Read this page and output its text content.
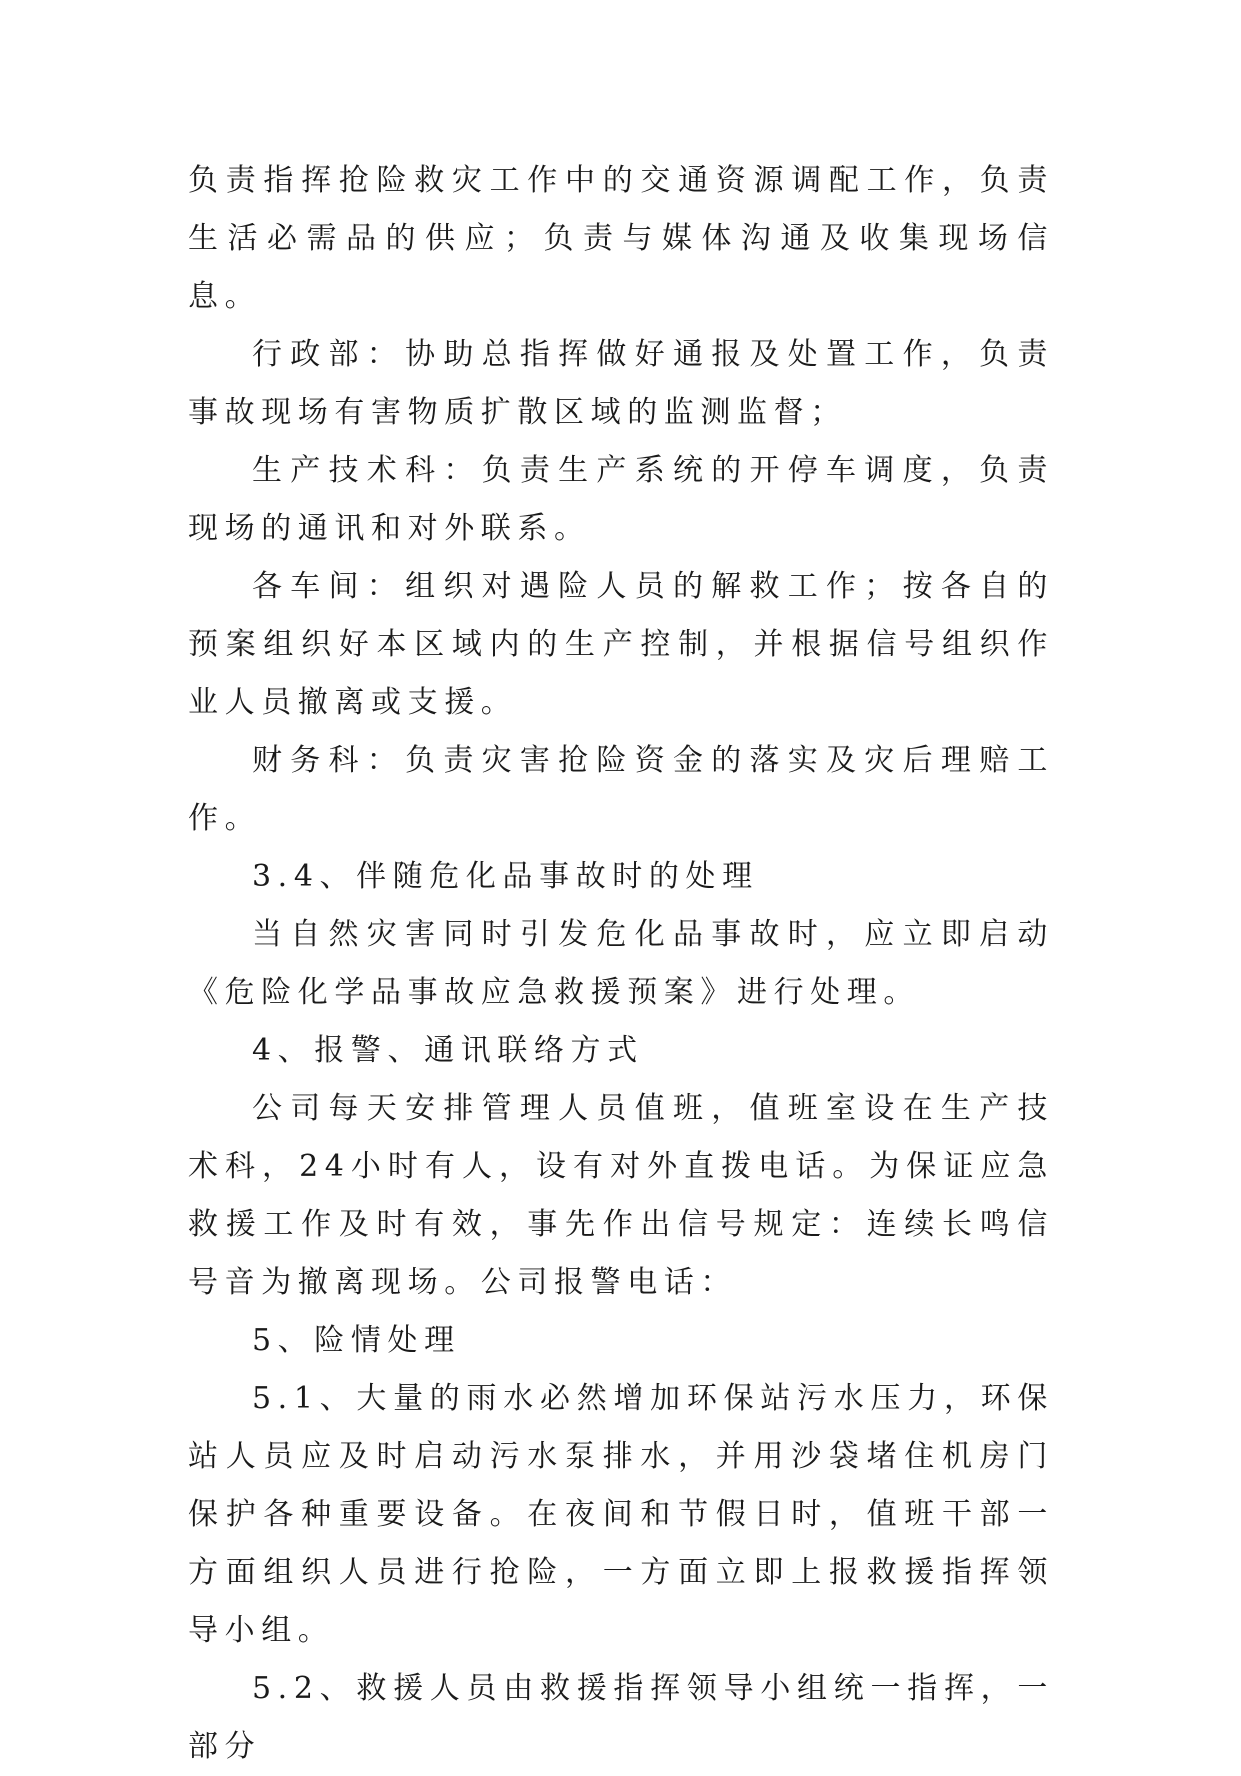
负责指挥抢险救灾工作中的交通资源调配工作，负责生活必需品的供应；负责与媒体沟通及收集现场信息。

行政部：协助总指挥做好通报及处置工作，负责事故现场有害物质扩散区域的监测监督；

生产技术科：负责生产系统的开停车调度，负责现场的通讯和对外联系。

各车间：组织对遇险人员的解救工作；按各自的预案组织好本区域内的生产控制，并根据信号组织作业人员撤离或支援。

财务科：负责灾害抢险资金的落实及灾后理赔工作。

3.4、伴随危化品事故时的处理

当自然灾害同时引发危化品事故时，应立即启动《危险化学品事故应急救援预案》进行处理。

4、报警、通讯联络方式

公司每天安排管理人员值班，值班室设在生产技术科，24小时有人，设有对外直拨电话。为保证应急救援工作及时有效，事先作出信号规定：连续长鸣信号音为撤离现场。公司报警电话：

5、险情处理

5.1、大量的雨水必然增加环保站污水压力，环保站人员应及时启动污水泵排水，并用沙袋堵住机房门保护各种重要设备。在夜间和节假日时，值班干部一方面组织人员进行抢险，一方面立即上报救援指挥领导小组。

5.2、救援人员由救援指挥领导小组统一指挥，一部分
